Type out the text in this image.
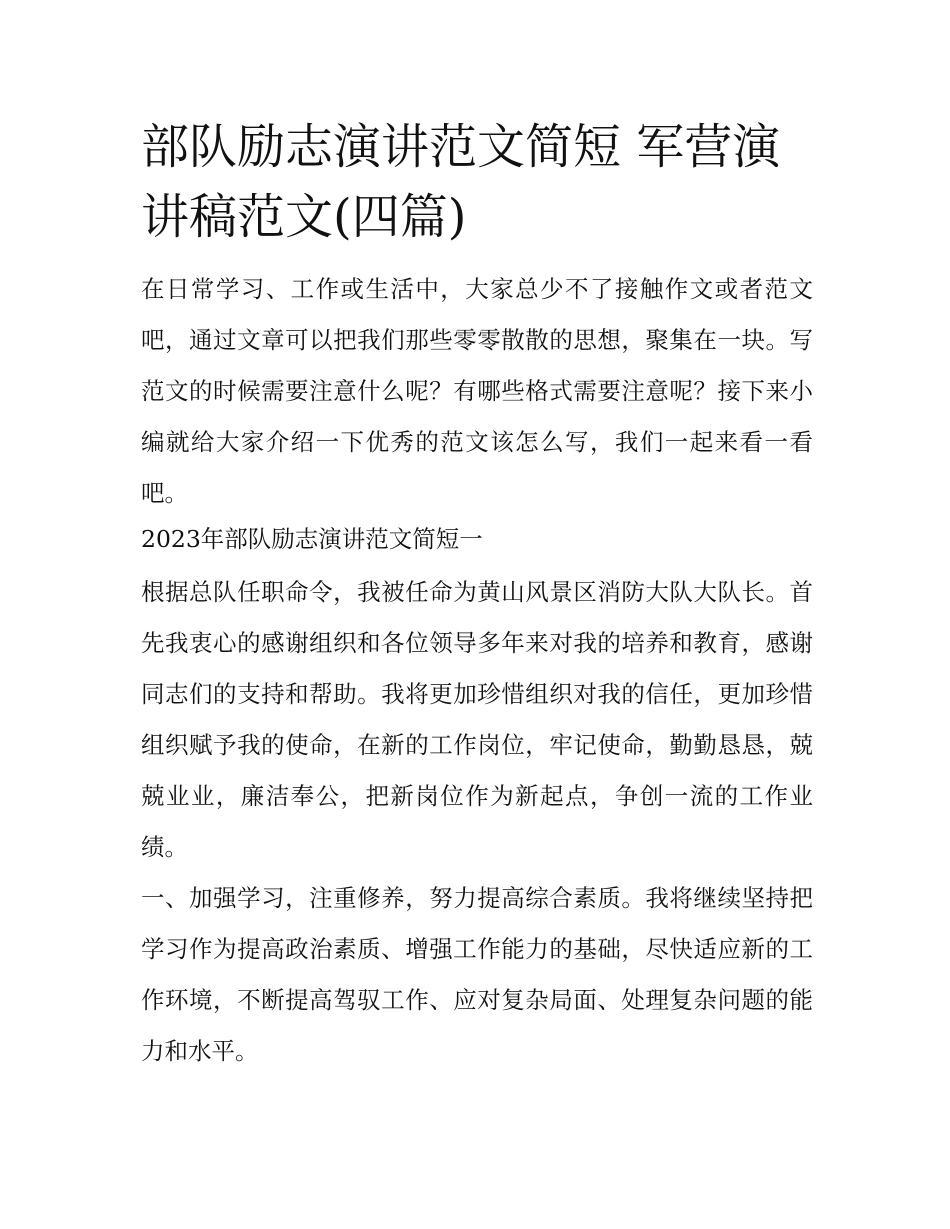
部队励志演讲范文简短 军营演讲稿范文(四篇)

在日常学习、工作或生活中，大家总少不了接触作文或者范文吧，通过文章可以把我们那些零零散散的思想，聚集在一块。写范文的时候需要注意什么呢？有哪些格式需要注意呢？接下来小编就给大家介绍一下优秀的范文该怎么写，我们一起来看一看吧。

2023年部队励志演讲范文简短一

根据总队任职命令，我被任命为黄山风景区消防大队大队长。首先我衷心的感谢组织和各位领导多年来对我的培养和教育，感谢同志们的支持和帮助。我将更加珍惜组织对我的信任，更加珍惜组织赋予我的使命，在新的工作岗位，牢记使命，勤勤恳恳，兢兢业业，廉洁奉公，把新岗位作为新起点，争创一流的工作业绩。

一、加强学习，注重修养，努力提高综合素质。我将继续坚持把学习作为提高政治素质、增强工作能力的基础，尽快适应新的工作环境，不断提高驾驭工作、应对复杂局面、处理复杂问题的能力和水平。
